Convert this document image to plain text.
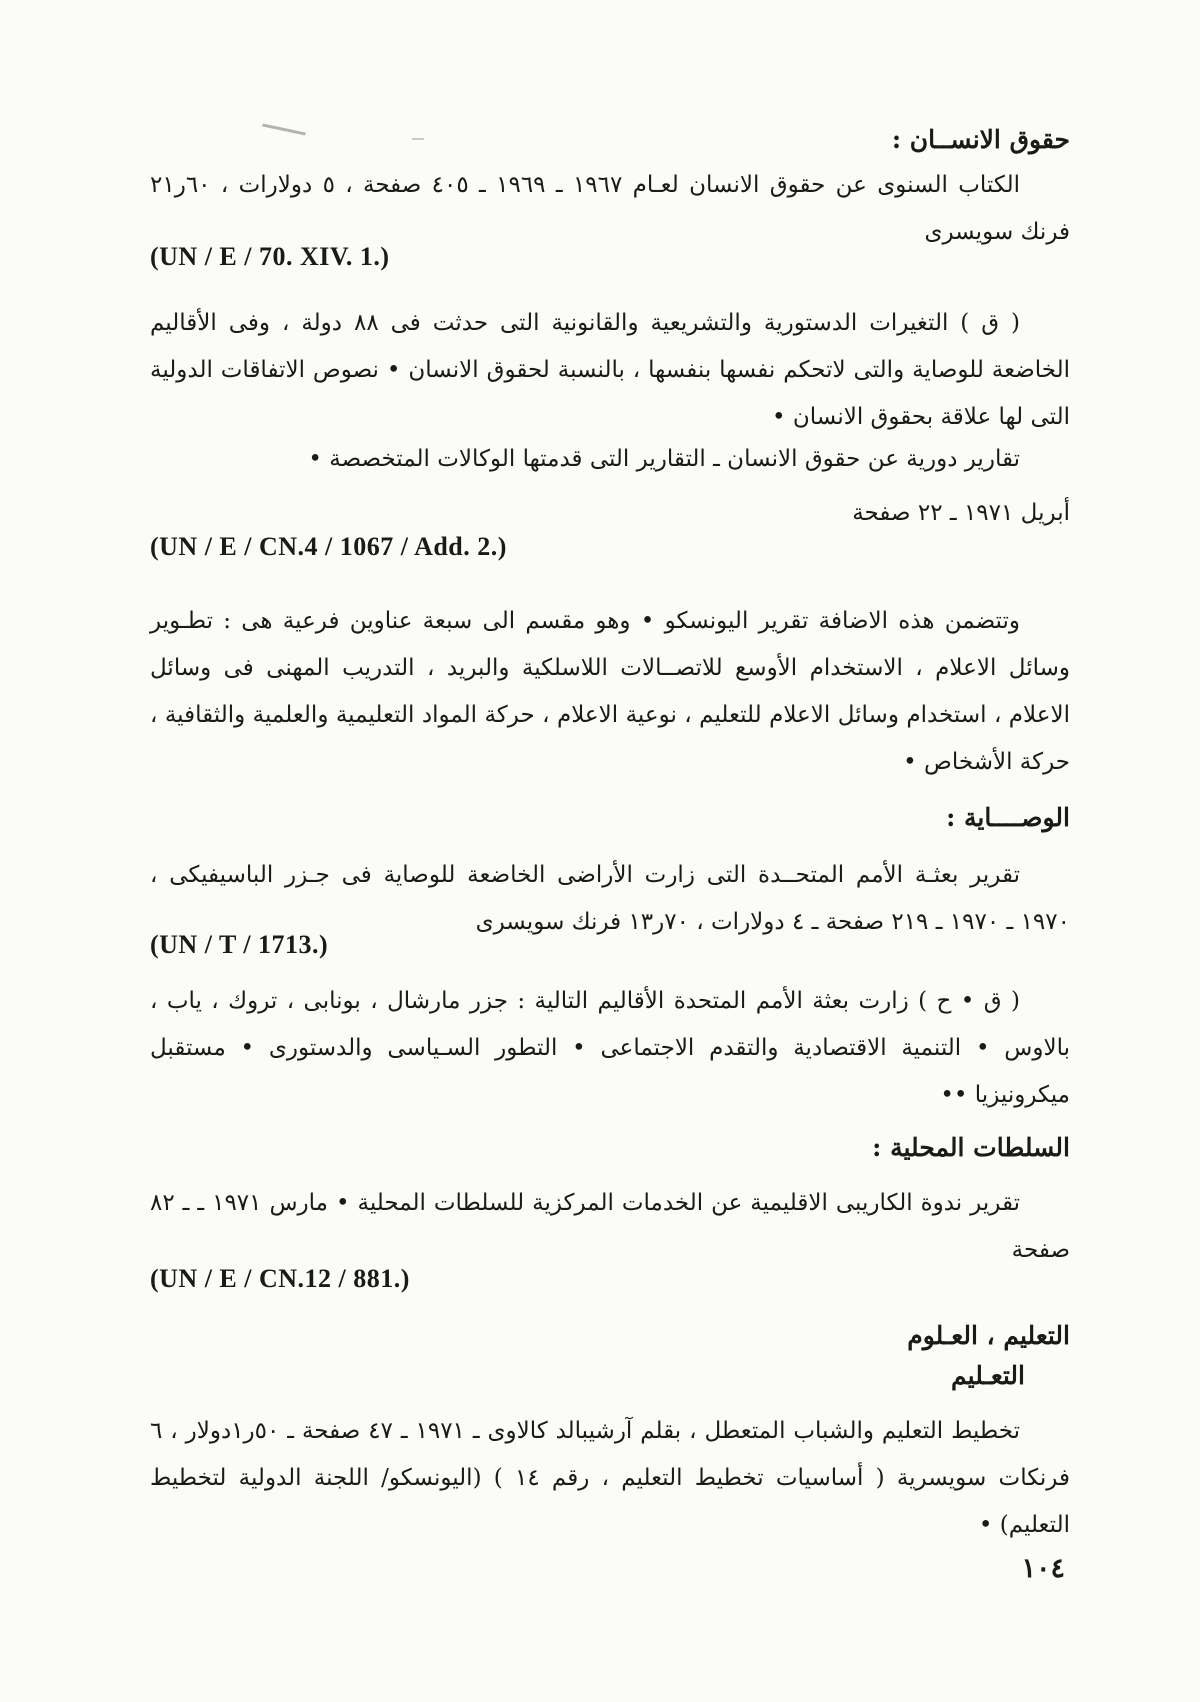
حقوق الانســان :
الكتاب السنوى عن حقوق الانسان لعـام ١٩٦٧ ـ ١٩٦٩ ـ ٤٠٥ صفحة ، ٥ دولارات ، ٦٠ر٢١ فرنك سويسرى
(UN / E / 70. XIV. 1.)
( ق ) التغيرات الدستورية والتشريعية والقانونية التى حدثت فى ٨٨ دولة ، وفى الأقاليم الخاضعة للوصاية والتى لاتحكم نفسها بنفسها ، بالنسبة لحقوق الانسان • نصوص الاتفاقات الدولية التى لها علاقة بحقوق الانسان •
تقارير دورية عن حقوق الانسان ـ التقارير التى قدمتها الوكالات المتخصصة •
أبريل ١٩٧١ ـ ٢٢ صفحة
(UN / E / CN.4 / 1067 / Add. 2.)
وتتضمن هذه الاضافة تقرير اليونسكو • وهو مقسم الى سبعة عناوين فرعية هى : تطـوير وسائل الاعلام ، الاستخدام الأوسع للاتصــالات اللاسلكية والبريد ، التدريب المهنى فى وسائل الاعلام ، استخدام وسائل الاعلام للتعليم ، نوعية الاعلام ، حركة المواد التعليمية والعلمية والثقافية ، حركة الأشخاص •
الوصــــاية :
تقرير بعثـة الأمم المتحــدة التى زارت الأراضى الخاضعة للوصاية فى جـزر الباسيفيكى ، ١٩٧٠ ـ ١٩٧٠ ـ ٢١٩ صفحة ـ ٤ دولارات ، ٧٠ر١٣ فرنك سويسرى
(UN / T / 1713.)
( ق • ح ) زارت بعثة الأمم المتحدة الأقاليم التالية : جزر مارشال ، بونابى ، تروك ، ياب ، بالاوس • التنمية الاقتصادية والتقدم الاجتماعى • التطور السـياسى والدستورى • مستقبل ميكرونيزيا ••
السلطات المحلية :
تقرير ندوة الكاريبى الاقليمية عن الخدمات المركزية للسلطات المحلية • مارس ١٩٧١ ـ ـ ٨٢ صفحة
(UN / E / CN.12 / 881.)
التعليم ، العـلوم
التعـليم
تخطيط التعليم والشباب المتعطل ، بقلم آرشيبالد كالاوى ـ ١٩٧١ ـ ٤٧ صفحة ـ ٥٠ر١دولار ، ٦ فرنكات سويسرية ( أساسيات تخطيط التعليم ، رقم ١٤ ) (اليونسكو/ اللجنة الدولية لتخطيط التعليم) •
١٠٤
